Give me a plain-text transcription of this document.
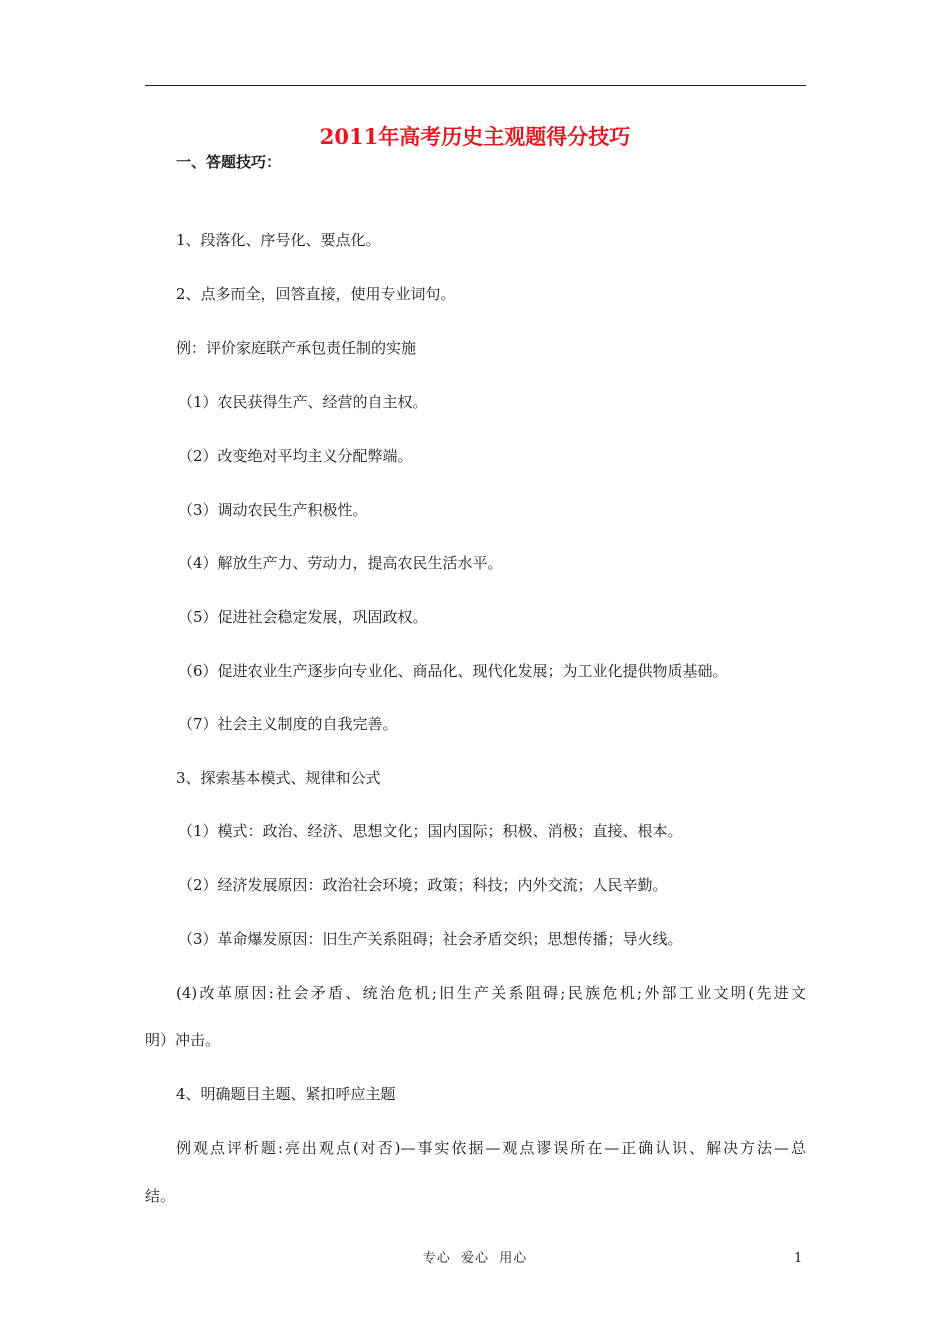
2011年高考历史主观题得分技巧
一、答题技巧：
1、段落化、序号化、要点化。
2、点多而全，回答直接，使用专业词句。
例：评价家庭联产承包责任制的实施
（1）农民获得生产、经营的自主权。
（2）改变绝对平均主义分配弊端。
（3）调动农民生产积极性。
（4）解放生产力、劳动力，提高农民生活水平。
（5）促进社会稳定发展，巩固政权。
（6）促进农业生产逐步向专业化、商品化、现代化发展；为工业化提供物质基础。
（7）社会主义制度的自我完善。
3、探索基本模式、规律和公式
（1）模式：政治、经济、思想文化；国内国际；积极、消极；直接、根本。
（2）经济发展原因：政治社会环境；政策；科技；内外交流；人民辛勤。
（3）革命爆发原因：旧生产关系阻碍；社会矛盾交织；思想传播；导火线。
(4)改革原因:社会矛盾、统治危机;旧生产关系阻碍;民族危机;外部工业文明(先进文
明）冲击。
4、明确题目主题、紧扣呼应主题
例观点评析题:亮出观点(对否)—事实依据—观点谬误所在—正确认识、解决方法—总
结。
专心  爱心  用心	1
